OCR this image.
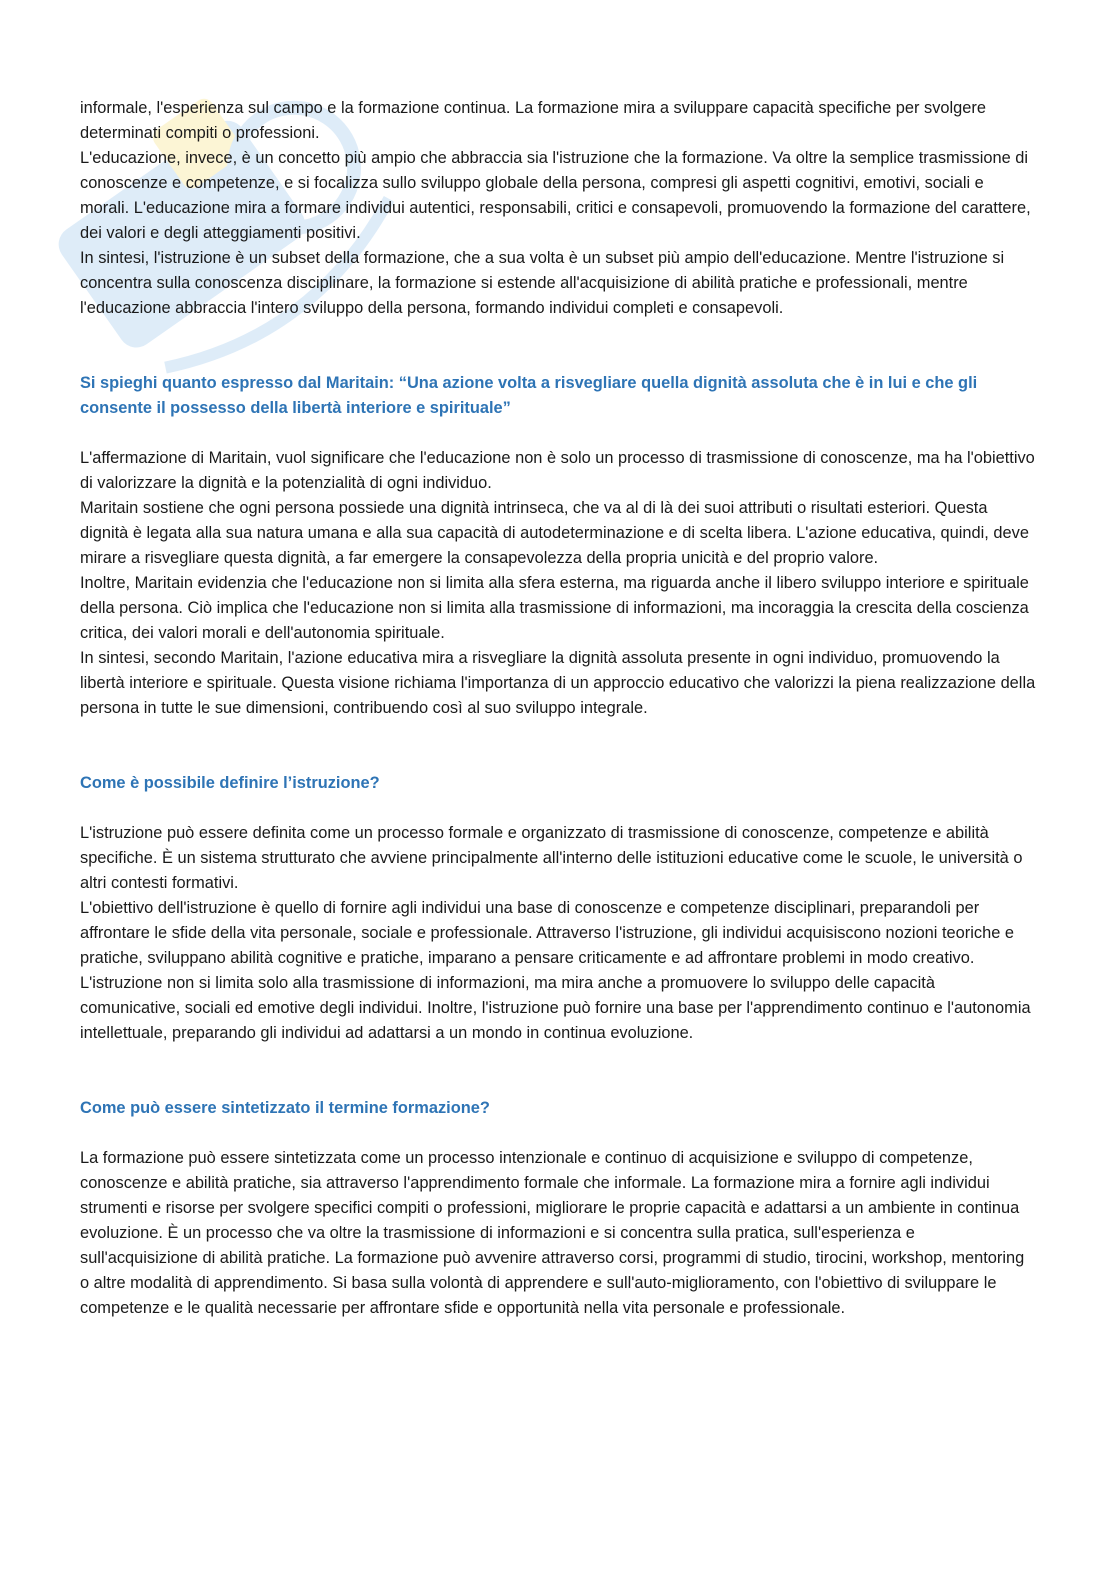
informale, l'esperienza sul campo e la formazione continua. La formazione mira a sviluppare capacità specifiche per svolgere determinati compiti o professioni.

L'educazione, invece, è un concetto più ampio che abbraccia sia l'istruzione che la formazione. Va oltre la semplice trasmissione di conoscenze e competenze, e si focalizza sullo sviluppo globale della persona, compresi gli aspetti cognitivi, emotivi, sociali e morali. L'educazione mira a formare individui autentici, responsabili, critici e consapevoli, promuovendo la formazione del carattere, dei valori e degli atteggiamenti positivi.

In sintesi, l'istruzione è un subset della formazione, che a sua volta è un subset più ampio dell'educazione. Mentre l'istruzione si concentra sulla conoscenza disciplinare, la formazione si estende all'acquisizione di abilità pratiche e professionali, mentre l'educazione abbraccia l'intero sviluppo della persona, formando individui completi e consapevoli.

Si spieghi quanto espresso dal Maritain: “Una azione volta a risvegliare quella dignità assoluta che è in lui e che gli consente il possesso della libertà interiore e spirituale”

L'affermazione di Maritain, vuol significare che l'educazione non è solo un processo di trasmissione di conoscenze, ma ha l'obiettivo di valorizzare la dignità e la potenzialità di ogni individuo.

Maritain sostiene che ogni persona possiede una dignità intrinseca, che va al di là dei suoi attributi o risultati esteriori. Questa dignità è legata alla sua natura umana e alla sua capacità di autodeterminazione e di scelta libera. L'azione educativa, quindi, deve mirare a risvegliare questa dignità, a far emergere la consapevolezza della propria unicità e del proprio valore.

Inoltre, Maritain evidenzia che l'educazione non si limita alla sfera esterna, ma riguarda anche il libero sviluppo interiore e spirituale della persona. Ciò implica che l'educazione non si limita alla trasmissione di informazioni, ma incoraggia la crescita della coscienza critica, dei valori morali e dell'autonomia spirituale.

In sintesi, secondo Maritain, l'azione educativa mira a risvegliare la dignità assoluta presente in ogni individuo, promuovendo la libertà interiore e spirituale. Questa visione richiama l'importanza di un approccio educativo che valorizzi la piena realizzazione della persona in tutte le sue dimensioni, contribuendo così al suo sviluppo integrale.

Come è possibile definire l’istruzione?

L'istruzione può essere definita come un processo formale e organizzato di trasmissione di conoscenze, competenze e abilità specifiche. È un sistema strutturato che avviene principalmente all'interno delle istituzioni educative come le scuole, le università o altri contesti formativi.

L'obiettivo dell'istruzione è quello di fornire agli individui una base di conoscenze e competenze disciplinari, preparandoli per affrontare le sfide della vita personale, sociale e professionale. Attraverso l'istruzione, gli individui acquisiscono nozioni teoriche e pratiche, sviluppano abilità cognitive e pratiche, imparano a pensare criticamente e ad affrontare problemi in modo creativo.

L'istruzione non si limita solo alla trasmissione di informazioni, ma mira anche a promuovere lo sviluppo delle capacità comunicative, sociali ed emotive degli individui. Inoltre, l'istruzione può fornire una base per l'apprendimento continuo e l'autonomia intellettuale, preparando gli individui ad adattarsi a un mondo in continua evoluzione.

Come può essere sintetizzato il termine formazione?

La formazione può essere sintetizzata come un processo intenzionale e continuo di acquisizione e sviluppo di competenze, conoscenze e abilità pratiche, sia attraverso l'apprendimento formale che informale. La formazione mira a fornire agli individui strumenti e risorse per svolgere specifici compiti o professioni, migliorare le proprie capacità e adattarsi a un ambiente in continua evoluzione. È un processo che va oltre la trasmissione di informazioni e si concentra sulla pratica, sull'esperienza e sull'acquisizione di abilità pratiche. La formazione può avvenire attraverso corsi, programmi di studio, tirocini, workshop, mentoring o altre modalità di apprendimento. Si basa sulla volontà di apprendere e sull'auto-miglioramento, con l'obiettivo di sviluppare le competenze e le qualità necessarie per affrontare sfide e opportunità nella vita personale e professionale.
